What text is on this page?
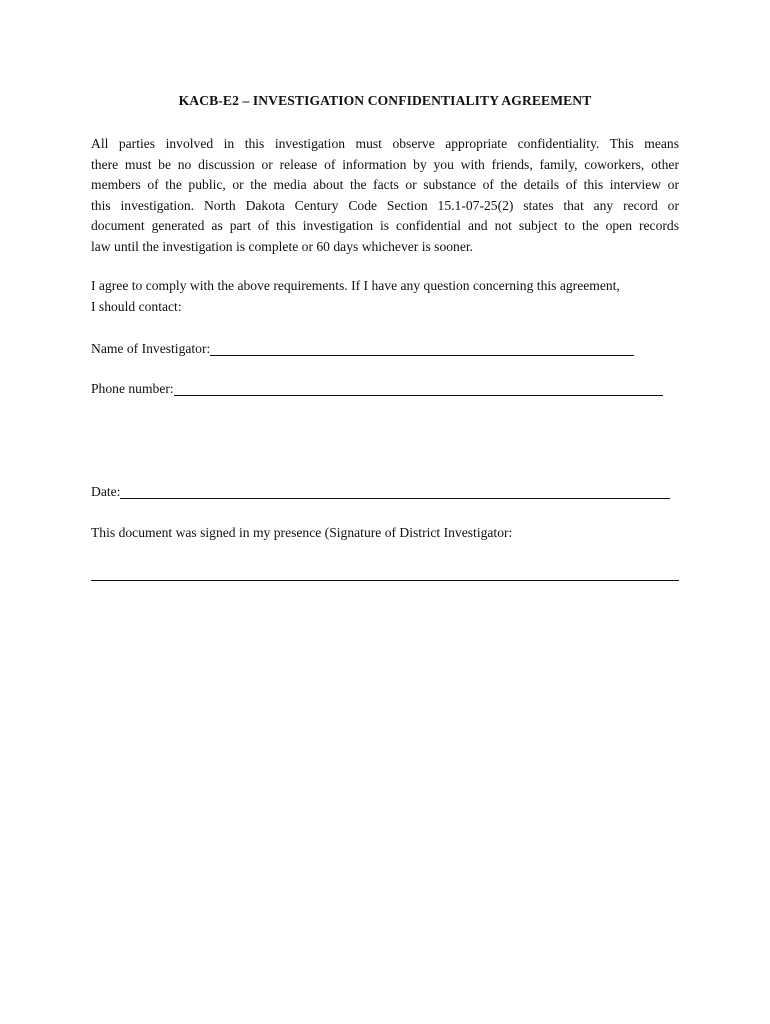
KACB-E2 – INVESTIGATION CONFIDENTIALITY AGREEMENT
All parties involved in this investigation must observe appropriate confidentiality. This means
there must be no discussion or release of information by you with friends, family, coworkers, other
members of the public, or the media about the facts or substance of the details of this interview or
this investigation. North Dakota Century Code Section 15.1-07-25(2) states that any record or
document generated as part of this investigation is confidential and not subject to the open records
law until the investigation is complete or 60 days whichever is sooner.
I agree to comply with the above requirements. If I have any question concerning this agreement,
I should contact:
Name of Investigator:
Phone number:
Date:
This document was signed in my presence (Signature of District Investigator:
